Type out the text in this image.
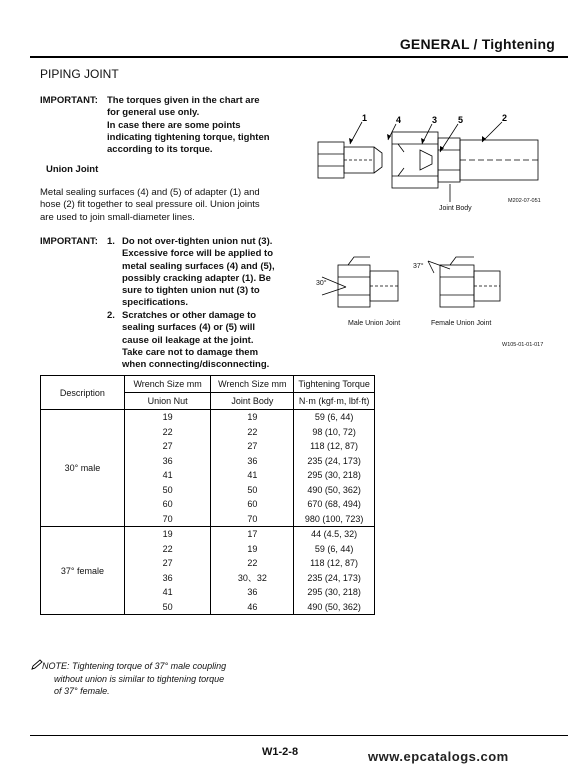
GENERAL / Tightening
PIPING JOINT
IMPORTANT: The torques given in the chart are
for general use only.
In case there are some points
indicating tightening torque, tighten
according to its torque.
Union Joint
Metal sealing surfaces (4) and (5) of adapter (1) and
hose (2) fit together to seal pressure oil. Union joints
are used to join small-diameter lines.
IMPORTANT: 1. Do not over-tighten union nut (3).
Excessive force will be applied to
metal sealing surfaces (4) and (5),
possibly cracking adapter (1). Be
sure to tighten union nut (3) to
specifications.
2. Scratches or other damage to
sealing surfaces (4) or (5) will
cause oil leakage at the joint.
Take care not to damage them
when connecting/disconnecting.
1	4	3 5	2
Joint Body
M202-07-051
30°
37°
Male Union Joint	Female Union Joint
W105-01-01-017
Description	Wrench Size mm	Wrench Size mm	Tightening Torque
	Union Nut	Joint Body	N·m (kgf·m, lbf·ft)
30° male	19	19	59 (6, 44)
	22	22	98 (10, 72)
	27	27	118 (12, 87)
	36	36	235 (24, 173)
	41	41	295 (30, 218)
	50	50	490 (50, 362)
	60	60	670 (68, 494)
	70	70	980 (100, 723)
37° female	19	17	44 (4.5, 32)
	22	19	59 (6, 44)
	27	22	118 (12, 87)
	36	30、32	235 (24, 173)
	41	36	295 (30, 218)
	50	46	490 (50, 362)
NOTE: Tightening torque of 37° male coupling
without union is similar to tightening torque
of 37° female.
W1-2-8	www.epcatalogs.com
